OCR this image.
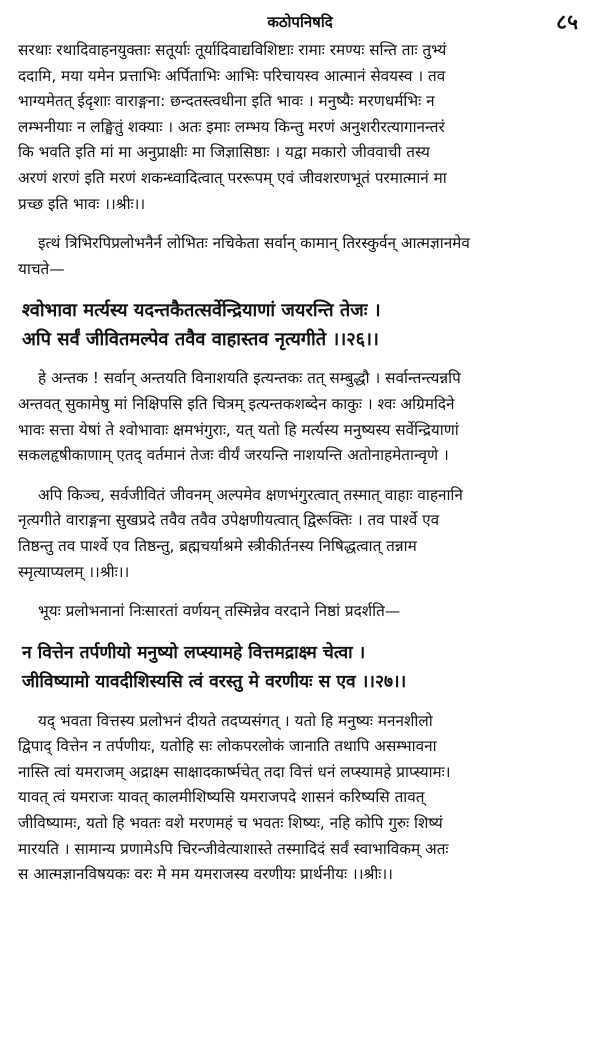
कठोपनिषदि	८५
सरथाः रथादिवाहनयुक्ताः सतूर्याः तूर्यादिवाद्यविशिष्टाः रामाः रमण्यः सन्ति ताः तुभ्यं
ददामि, मया यमेन प्रत्ताभिः अर्पिताभिः आभिः परिचायस्व आत्मानं सेवयस्व । तव
भाग्यमेतत् ईदृशाः वाराङ्गना: छन्दतस्त्वधीना इति भावः । मनुष्यैः मरणधर्मभिः न
लम्भनीयाः न लङ्घितुं शक्याः । अतः इमाः लम्भय किन्तु मरणं अनुशरीरत्यागानन्तरं
कि भवति इति मां मा अनुप्राक्षीः मा जिज्ञासिष्ठाः । यद्वा मकारो जीववाची तस्य
अरणं शरणं इति मरणं शकन्ध्वादित्वात् पररूपम् एवं जीवशरणभूतं परमात्मानं मा
प्रच्छ इति भावः ।।श्रीः।।
इत्थं त्रिभिरपिप्रलोभनैर्न लोभितः नचिकेता सर्वान् कामान् तिरस्कुर्वन् आत्मज्ञानमेव
याचते—
श्वोभावा मर्त्यस्य यदन्तकैतत्सर्वेन्द्रियाणां जयरन्ति तेजः ।
अपि सर्वं जीवितमल्पेव तवैव वाहास्तव नृत्यगीते ।।२६।।
हे अन्तक ! सर्वान् अन्तयति विनाशयति इत्यन्तकः तत् सम्बुद्धौ । सर्वान्तन्त्यन्नपि
अन्तवत् सुकामेषु मां निक्षिपसि इति चित्रम् इत्यन्तकशब्देन काकुः । श्वः अग्रिमदिने
भावः सत्ता येषां ते श्वोभावाः क्षमभंगुराः, यत् यतो हि मर्त्यस्य मनुष्यस्य सर्वेन्द्रियाणां
सकलहृषीकाणाम् एतद् वर्तमानं तेजः वीर्यं जरयन्ति नाशयन्ति अतोनाहमेतान्वृणे ।
अपि किञ्च, सर्वजीवितं जीवनम् अल्पमेव क्षणभंगुरत्वात् तस्मात् वाहाः वाहनानि
नृत्यगीते वाराङ्गना सुखप्रदे तवैव तवैव उपेक्षणीयत्वात् द्विरूक्तिः । तव पार्श्वे एव
तिष्ठन्तु तव पार्श्वे एव तिष्ठन्तु, ब्रह्मचर्याश्रमे स्त्रीकीर्तनस्य निषिद्धत्वात् तन्नाम
स्मृत्याप्यलम् ।।श्रीः।।
भूयः प्रलोभनानां निःसारतां वर्णयन् तस्मिन्नेव वरदाने निष्ठां प्रदर्शति—
न वित्तेन तर्पणीयो मनुष्यो लप्स्यामहे वित्तमद्राक्ष्म चेत्वा ।
जीविष्यामो यावदीशिस्यसि त्वं वरस्तु मे वरणीयः स एव ।।२७।।
यद् भवता वित्तस्य प्रलोभनं दीयते तदप्यसंगत् । यतो हि मनुष्यः मननशीलो
द्विपाद् वित्तेन न तर्पणीयः, यतोहि सः लोकपरलोकं जानाति तथापि असम्भावना
नास्ति त्वां यमराजम् अद्राक्ष्म साक्षादकार्ष्मचेत् तदा वित्तं धनं लप्स्यामहे प्राप्स्यामः।
यावत् त्वं यमराजः यावत् कालमीशिष्यसि यमराजपदे शासनं करिष्यसि तावत्
जीविष्यामः, यतो हि भवतः वशे मरणमहं च भवतः शिष्यः, नहि कोपि गुरुः शिष्यं
मारयति । सामान्य प्रणामेऽपि चिरन्जीवेत्याशास्ते तस्मादिदं सर्वं स्वाभाविकम् अतः
स आत्मज्ञानविषयकः वरः मे मम यमराजस्य वरणीयः प्रार्थनीयः ।।श्रीः।।
